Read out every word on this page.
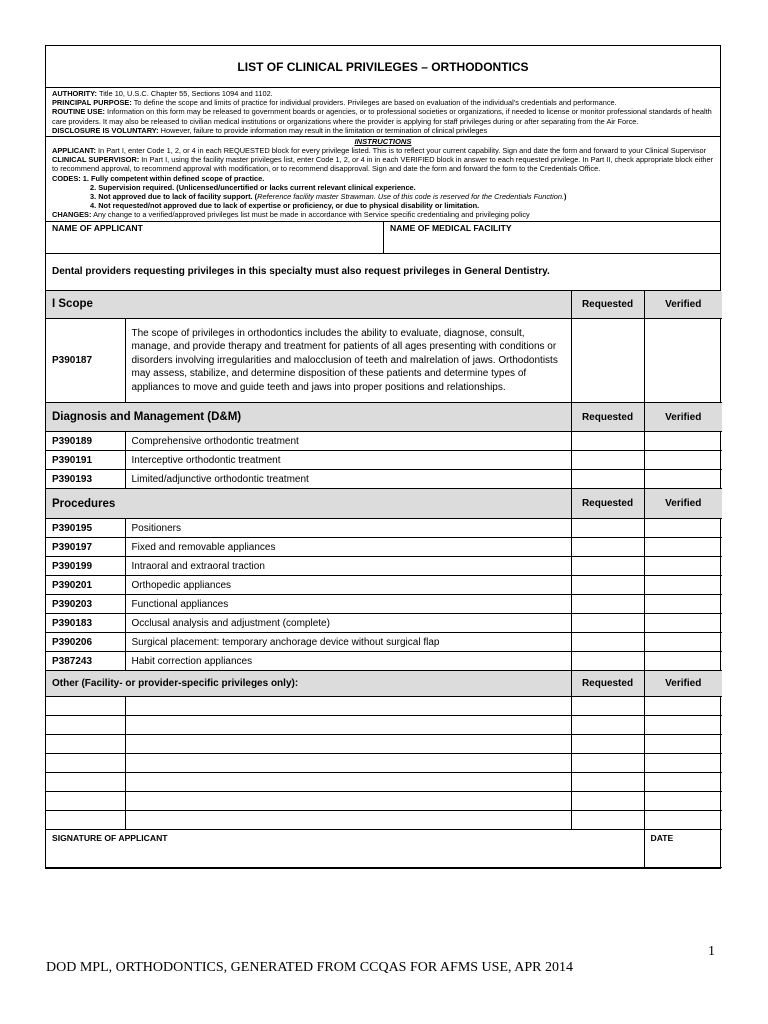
LIST OF CLINICAL PRIVILEGES – ORTHODONTICS
AUTHORITY: Title 10, U.S.C. Chapter 55, Sections 1094 and 1102.
PRINCIPAL PURPOSE: To define the scope and limits of practice for individual providers. Privileges are based on evaluation of the individual’s credentials and performance.
ROUTINE USE: Information on this form may be released to government boards or agencies, or to professional societies or organizations, if needed to license or monitor professional standards of health care providers. It may also be released to civilian medical institutions or organizations where the provider is applying for staff privileges during or after separating from the Air Force.
DISCLOSURE IS VOLUNTARY: However, failure to provide information may result in the limitation or termination of clinical privileges
INSTRUCTIONS
APPLICANT: In Part I, enter Code 1, 2, or 4 in each REQUESTED block for every privilege listed. This is to reflect your current capability. Sign and date the form and forward to your Clinical Supervisor
CLINICAL SUPERVISOR: In Part I, using the facility master privileges list, enter Code 1, 2, or 4 in in each VERIFIED block in answer to each requested privilege. In Part II, check appropriate block either to recommend approval, to recommend approval with modification, or to recommend disapproval. Sign and date the form and forward the form to the Credentials Office.
CODES: 1. Fully competent within defined scope of practice.
2. Supervision required. (Unlicensed/uncertified or lacks current relevant clinical experience.
3. Not approved due to lack of facility support. (Reference facility master Strawman. Use of this code is reserved for the Credentials Function.)
4. Not requested/not approved due to lack of expertise or proficiency, or due to physical disability or limitation.
CHANGES: Any change to a verified/approved privileges list must be made in accordance with Service specific credentialing and privileging policy
NAME OF APPLICANT	NAME OF MEDICAL FACILITY
Dental providers requesting privileges in this specialty must also request privileges in General Dentistry.
I Scope		Requested	Verified
P390187	The scope of privileges in orthodontics includes the ability to evaluate, diagnose, consult, manage, and provide therapy and treatment for patients of all ages presenting with conditions or disorders involving irregularities and malocclusion of teeth and malrelation of jaws. Orthodontists may assess, stabilize, and determine disposition of these patients and determine types of appliances to move and guide teeth and jaws into proper positions and relationships.		
Diagnosis and Management (D&M)		Requested	Verified
P390189	Comprehensive orthodontic treatment		
P390191	Interceptive orthodontic treatment		
P390193	Limited/adjunctive orthodontic treatment		
Procedures		Requested	Verified
P390195	Positioners		
P390197	Fixed and removable appliances		
P390199	Intraoral and extraoral traction		
P390201	Orthopedic appliances		
P390203	Functional appliances		
P390183	Occlusal analysis and adjustment (complete)		
P390206	Surgical placement: temporary anchorage device without surgical flap		
P387243	Habit correction appliances		
Other (Facility- or provider-specific privileges only):		Requested	Verified

SIGNATURE OF APPLICANT			DATE
1
DOD MPL, ORTHODONTICS, GENERATED FROM CCQAS FOR AFMS USE, APR 2014
